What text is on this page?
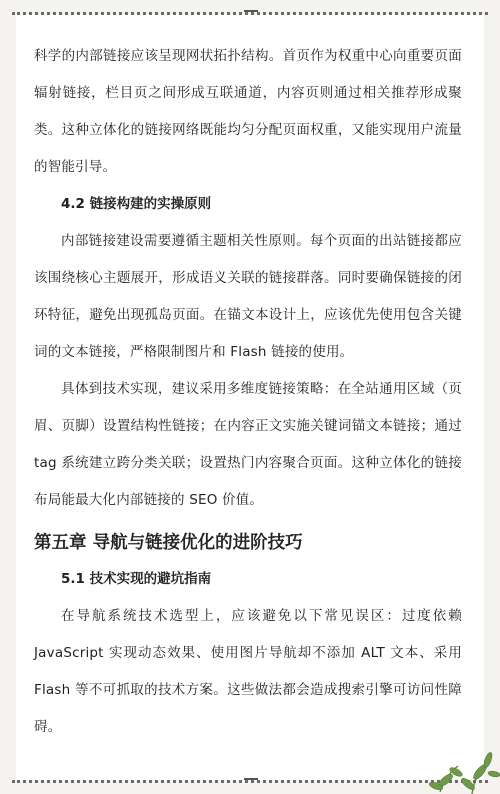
科学的内部链接应该呈现网状拓扑结构。首页作为权重中心向重要页面辐射链接，栏目页之间形成互联通道，内容页则通过相关推荐形成聚类。这种立体化的链接网络既能均匀分配页面权重，又能实现用户流量的智能引导。

4.2 链接构建的实操原则

内部链接建设需要遵循主题相关性原则。每个页面的出站链接都应该围绕核心主题展开，形成语义关联的链接群落。同时要确保链接的闭环特征，避免出现孤岛页面。在锚文本设计上，应该优先使用包含关键词的文本链接，严格限制图片和 Flash 链接的使用。

具体到技术实现，建议采用多维度链接策略：在全站通用区域（页眉、页脚）设置结构性链接；在内容正文实施关键词锚文本链接；通过 tag 系统建立跨分类关联；设置热门内容聚合页面。这种立体化的链接布局能最大化内部链接的 SEO 价值。

第五章 导航与链接优化的进阶技巧
5.1 技术实现的避坑指南

在导航系统技术选型上，应该避免以下常见误区：过度依赖 JavaScript 实现动态效果、使用图片导航却不添加 ALT 文本、采用 Flash 等不可抓取的技术方案。这些做法都会造成搜索引擎可访问性障碍。
